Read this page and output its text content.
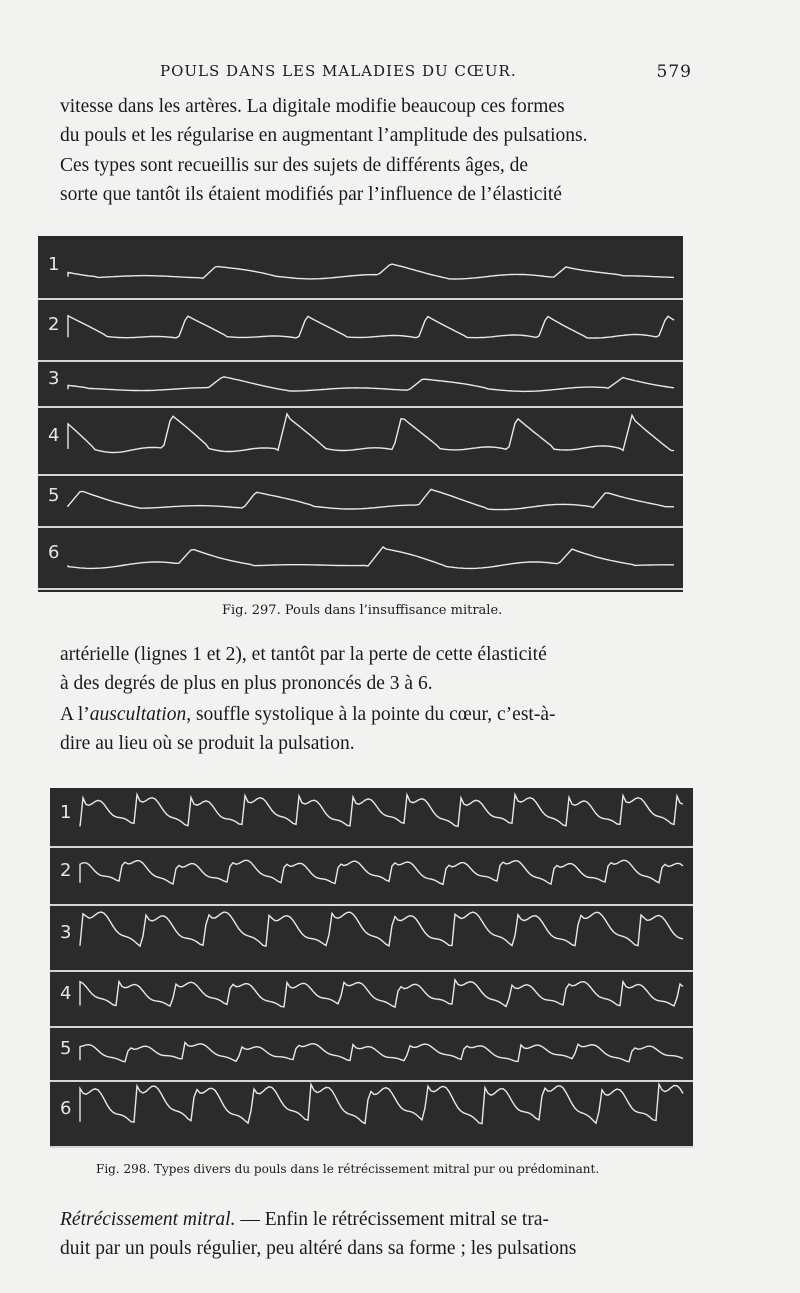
POULS DANS LES MALADIES DU CŒUR.	579
vitesse dans les artères. La digitale modifie beaucoup ces formes
du pouls et les régularise en augmentant l’amplitude des pulsations.
Ces types sont recueillis sur des sujets de différents âges, de
sorte que tantôt ils étaient modifiés par l’influence de l’élasticité
1
2
3
4
5
6
Fig. 297. Pouls dans l’insuffisance mitrale.
artérielle (lignes 1 et 2), et tantôt par la perte de cette élasticité
à des degrés de plus en plus prononcés de 3 à 6.
A l’auscultation, souffle systolique à la pointe du cœur, c’est-à-
dire au lieu où se produit la pulsation.
1
2
3
4
5
6
Fig. 298. Types divers du pouls dans le rétrécissement mitral pur ou prédominant.
Rétrécissement mitral. — Enfin le rétrécissement mitral se tra-
duit par un pouls régulier, peu altéré dans sa forme ; les pulsations
